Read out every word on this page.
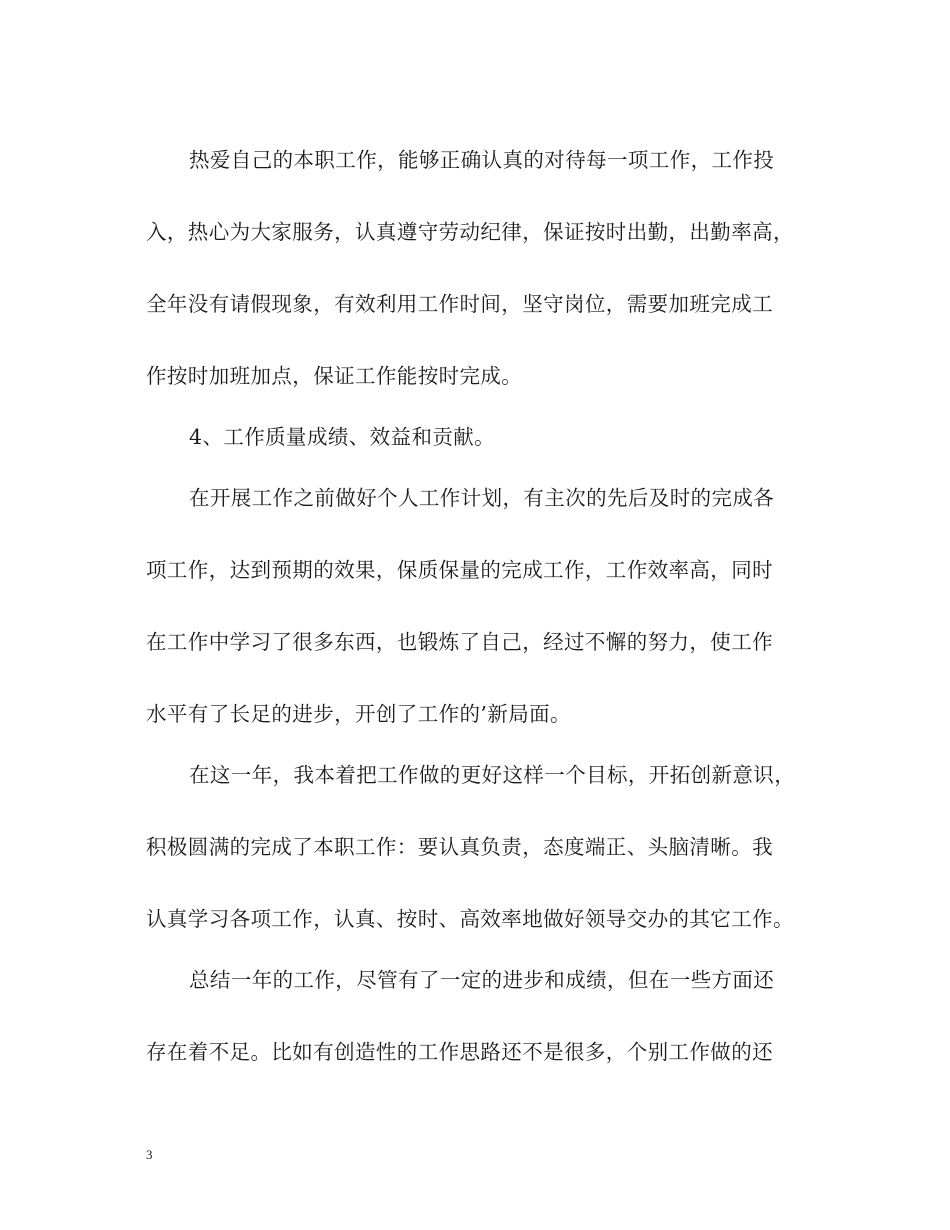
热爱自己的本职工作，能够正确认真的对待每一项工作，工作投
入，热心为大家服务，认真遵守劳动纪律，保证按时出勤，出勤率高，
全年没有请假现象，有效利用工作时间，坚守岗位，需要加班完成工
作按时加班加点，保证工作能按时完成。
4、工作质量成绩、效益和贡献。
在开展工作之前做好个人工作计划，有主次的先后及时的完成各
项工作，达到预期的效果，保质保量的完成工作，工作效率高，同时
在工作中学习了很多东西，也锻炼了自己，经过不懈的努力，使工作
水平有了长足的进步，开创了工作的’新局面。
在这一年，我本着把工作做的更好这样一个目标，开拓创新意识，
积极圆满的完成了本职工作：要认真负责，态度端正、头脑清晰。我
认真学习各项工作，认真、按时、高效率地做好领导交办的其它工作。
总结一年的工作，尽管有了一定的进步和成绩，但在一些方面还
存在着不足。比如有创造性的工作思路还不是很多，个别工作做的还
3
